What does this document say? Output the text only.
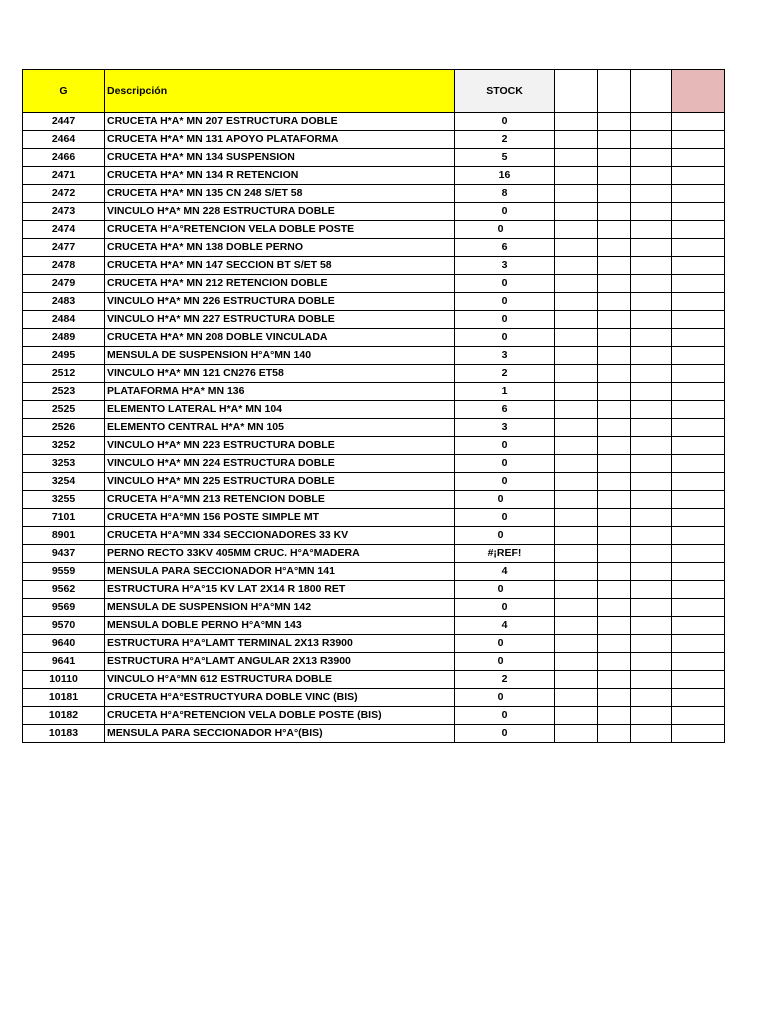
G	Descripción	STOCK				
2447	CRUCETA H*A* MN 207 ESTRUCTURA DOBLE	0				
2464	CRUCETA H*A* MN 131 APOYO PLATAFORMA	2				
2466	CRUCETA H*A* MN 134 SUSPENSION	5				
2471	CRUCETA H*A* MN 134 R RETENCION	16				
2472	CRUCETA H*A* MN 135 CN 248 S/ET 58	8				
2473	VINCULO H*A* MN 228 ESTRUCTURA DOBLE	0				
2474	CRUCETA H°A°RETENCION VELA DOBLE POSTE	0				
2477	CRUCETA H*A* MN 138 DOBLE PERNO	6				
2478	CRUCETA H*A* MN 147 SECCION BT S/ET 58	3				
2479	CRUCETA H*A* MN 212 RETENCION DOBLE	0				
2483	VINCULO H*A* MN 226 ESTRUCTURA DOBLE	0				
2484	VINCULO H*A* MN 227 ESTRUCTURA DOBLE	0				
2489	CRUCETA H*A* MN 208 DOBLE VINCULADA	0				
2495	MENSULA DE SUSPENSION H°A°MN 140	3				
2512	VINCULO H*A* MN 121 CN276 ET58	2				
2523	PLATAFORMA H*A* MN 136	1				
2525	ELEMENTO LATERAL H*A* MN 104	6				
2526	ELEMENTO CENTRAL H*A* MN 105	3				
3252	VINCULO H*A* MN 223 ESTRUCTURA DOBLE	0				
3253	VINCULO H*A* MN 224 ESTRUCTURA DOBLE	0				
3254	VINCULO H*A* MN 225 ESTRUCTURA DOBLE	0				
3255	CRUCETA H°A°MN 213 RETENCION DOBLE	0				
7101	CRUCETA H°A°MN 156 POSTE SIMPLE MT	0				
8901	CRUCETA H°A°MN 334 SECCIONADORES 33 KV	0				
9437	PERNO RECTO 33KV 405MM CRUC. H°A°MADERA	#¡REF!				
9559	MENSULA PARA SECCIONADOR H°A°MN 141	4				
9562	ESTRUCTURA H°A°15 KV LAT 2X14 R 1800 RET	0				
9569	MENSULA DE SUSPENSION H°A°MN 142	0				
9570	MENSULA DOBLE PERNO H°A°MN 143	4				
9640	ESTRUCTURA H°A°LAMT TERMINAL 2X13 R3900	0				
9641	ESTRUCTURA H°A°LAMT ANGULAR 2X13 R3900	0				
10110	VINCULO H°A°MN 612 ESTRUCTURA DOBLE	2				
10181	CRUCETA H°A°ESTRUCTYURA DOBLE VINC (BIS)	0				
10182	CRUCETA H°A°RETENCION VELA DOBLE POSTE (BIS)	0				
10183	MENSULA PARA SECCIONADOR H°A°(BIS)	0				
